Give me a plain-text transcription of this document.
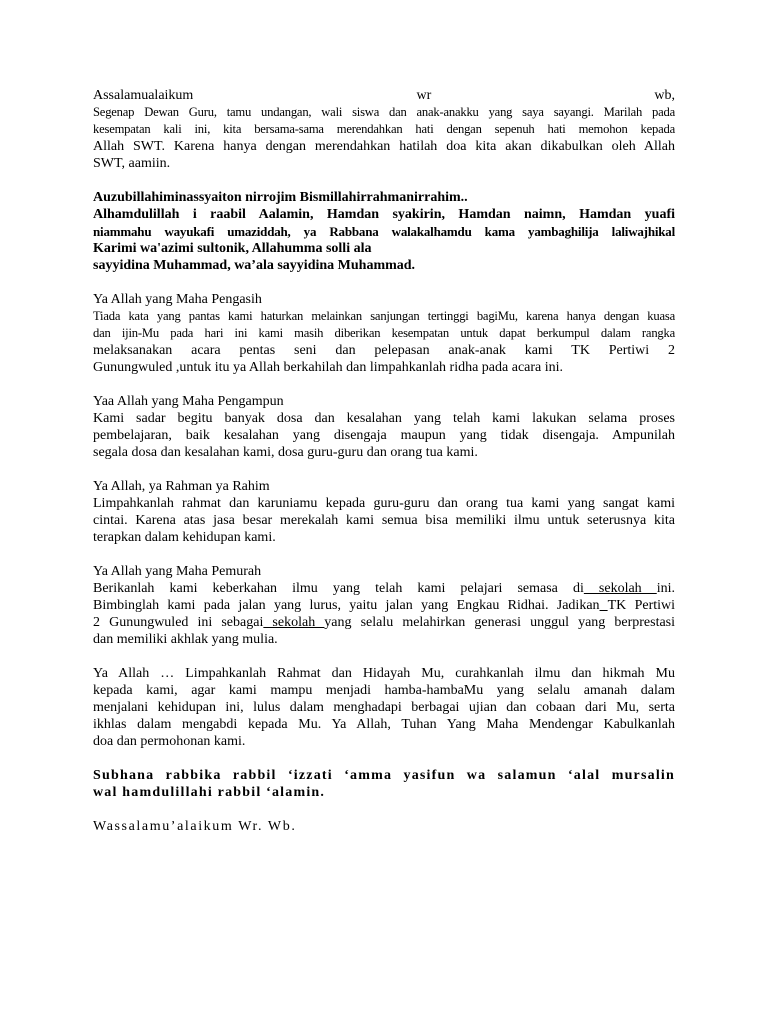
Assalamualaikum wr wb,
Segenap Dewan Guru, tamu undangan, wali siswa dan anak-anakku yang saya sayangi. Marilah pada
kesempatan kali ini, kita bersama-sama merendahkan hati dengan sepenuh hati memohon kepada
Allah SWT. Karena hanya dengan merendahkan hatilah doa kita akan dikabulkan oleh Allah
SWT, aamiin.
Auzubillahiminassyaiton nirrojim Bismillahirrahmanirrahim..
Alhamdulillah i raabil Aalamin, Hamdan syakirin, Hamdan naimn, Hamdan yuafi
niammahu wayukafi umaziddah, ya Rabbana walakalhamdu kama yambaghilija laliwajhikal
Karimi wa'azimi sultonik, Allahumma solli ala
sayyidina Muhammad, wa’ala sayyidina Muhammad.
Ya Allah yang Maha Pengasih
Tiada kata yang pantas kami haturkan melainkan sanjungan tertinggi bagiMu, karena hanya dengan kuasa
dan ijin-Mu pada hari ini kami masih diberikan kesempatan untuk dapat berkumpul dalam rangka
melaksanakan acara pentas seni dan pelepasan anak-anak kami TK Pertiwi 2
Gunungwuled ,untuk itu ya Allah berkahilah dan limpahkanlah ridha pada acara ini.
Yaa Allah yang Maha Pengampun
Kami sadar begitu banyak dosa dan kesalahan yang telah kami lakukan selama proses
pembelajaran, baik kesalahan yang disengaja maupun yang tidak disengaja. Ampunilah
segala dosa dan kesalahan kami, dosa guru-guru dan orang tua kami.
Ya Allah, ya Rahman ya Rahim
Limpahkanlah rahmat dan karuniamu kepada guru-guru dan orang tua kami yang sangat kami
cintai. Karena atas jasa besar merekalah kami semua bisa memiliki ilmu untuk seterusnya kita
terapkan dalam kehidupan kami.
Ya Allah yang Maha Pemurah
Berikanlah kami keberkahan ilmu yang telah kami pelajari semasa di sekolah ini.
Bimbinglah kami pada jalan yang lurus, yaitu jalan yang Engkau Ridhai. Jadikan TK Pertiwi
2 Gunungwuled ini sebagai sekolah yang selalu melahirkan generasi unggul yang berprestasi
dan memiliki akhlak yang mulia.
Ya Allah … Limpahkanlah Rahmat dan Hidayah Mu, curahkanlah ilmu dan hikmah Mu
kepada kami, agar kami mampu menjadi hamba-hambaMu yang selalu amanah dalam
menjalani kehidupan ini, lulus dalam menghadapi berbagai ujian dan cobaan dari Mu, serta
ikhlas dalam mengabdi kepada Mu. Ya Allah, Tuhan Yang Maha Mendengar Kabulkanlah
doa dan permohonan kami.
Subhana rabbika rabbil ‘izzati ‘amma yasifun wa salamun ‘alal mursalin
wal hamdulillahi rabbil ‘alamin.
Wassalamu’alaikum Wr. Wb.
